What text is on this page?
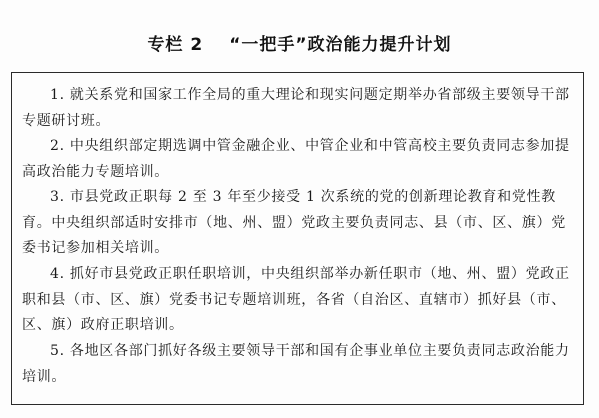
专栏 2 “一把手”政治能力提升计划

1. 就关系党和国家工作全局的重大理论和现实问题定期举办省部级主要领导干部专题研讨班。

2. 中央组织部定期选调中管金融企业、中管企业和中管高校主要负责同志参加提高政治能力专题培训。

3. 市县党政正职每 2 至 3 年至少接受 1 次系统的党的创新理论教育和党性教育。中央组织部适时安排市（地、州、盟）党政主要负责同志、县（市、区、旗）党委书记参加相关培训。

4. 抓好市县党政正职任职培训，中央组织部举办新任职市（地、州、盟）党政正职和县（市、区、旗）党委书记专题培训班，各省（自治区、直辖市）抓好县（市、区、旗）政府正职培训。

5. 各地区各部门抓好各级主要领导干部和国有企事业单位主要负责同志政治能力培训。
